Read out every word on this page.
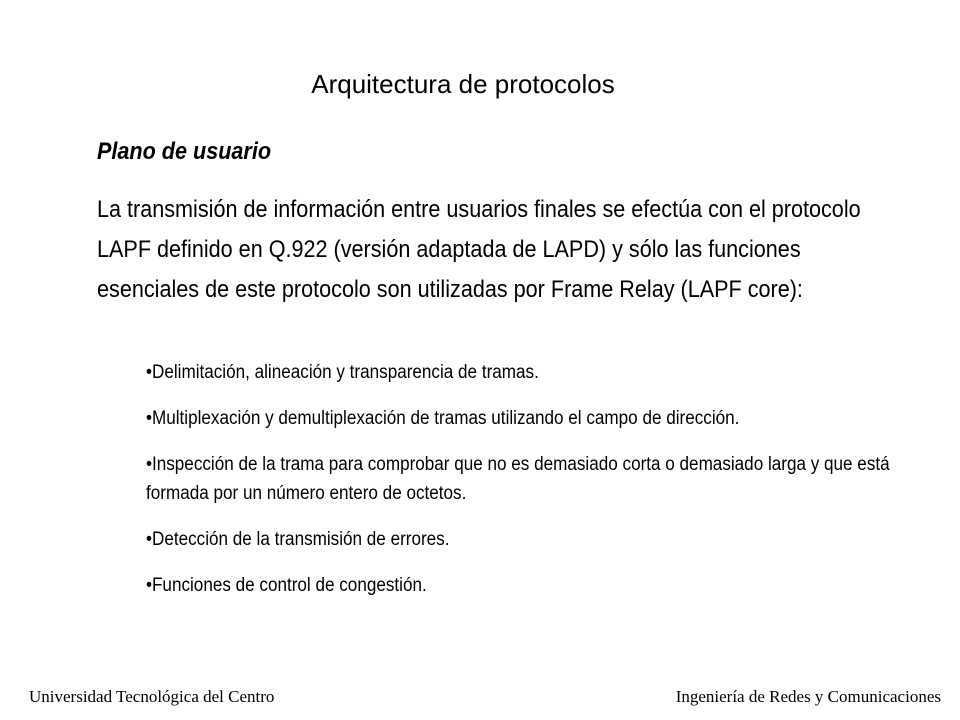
Arquitectura de protocolos
Plano de usuario
La transmisión de información entre usuarios finales se efectúa con el protocolo LAPF definido en Q.922 (versión adaptada de LAPD) y sólo las funciones esenciales de este protocolo son utilizadas por Frame Relay (LAPF core):
•Delimitación, alineación y transparencia de tramas.
•Multiplexación y demultiplexación de tramas utilizando el campo de dirección.
•Inspección de la trama para comprobar que no es demasiado corta o demasiado larga y que está formada por un número entero de octetos.
•Detección de la transmisión de errores.
•Funciones de control de congestión.
Universidad Tecnológica del Centro	Ingeniería de Redes y Comunicaciones
